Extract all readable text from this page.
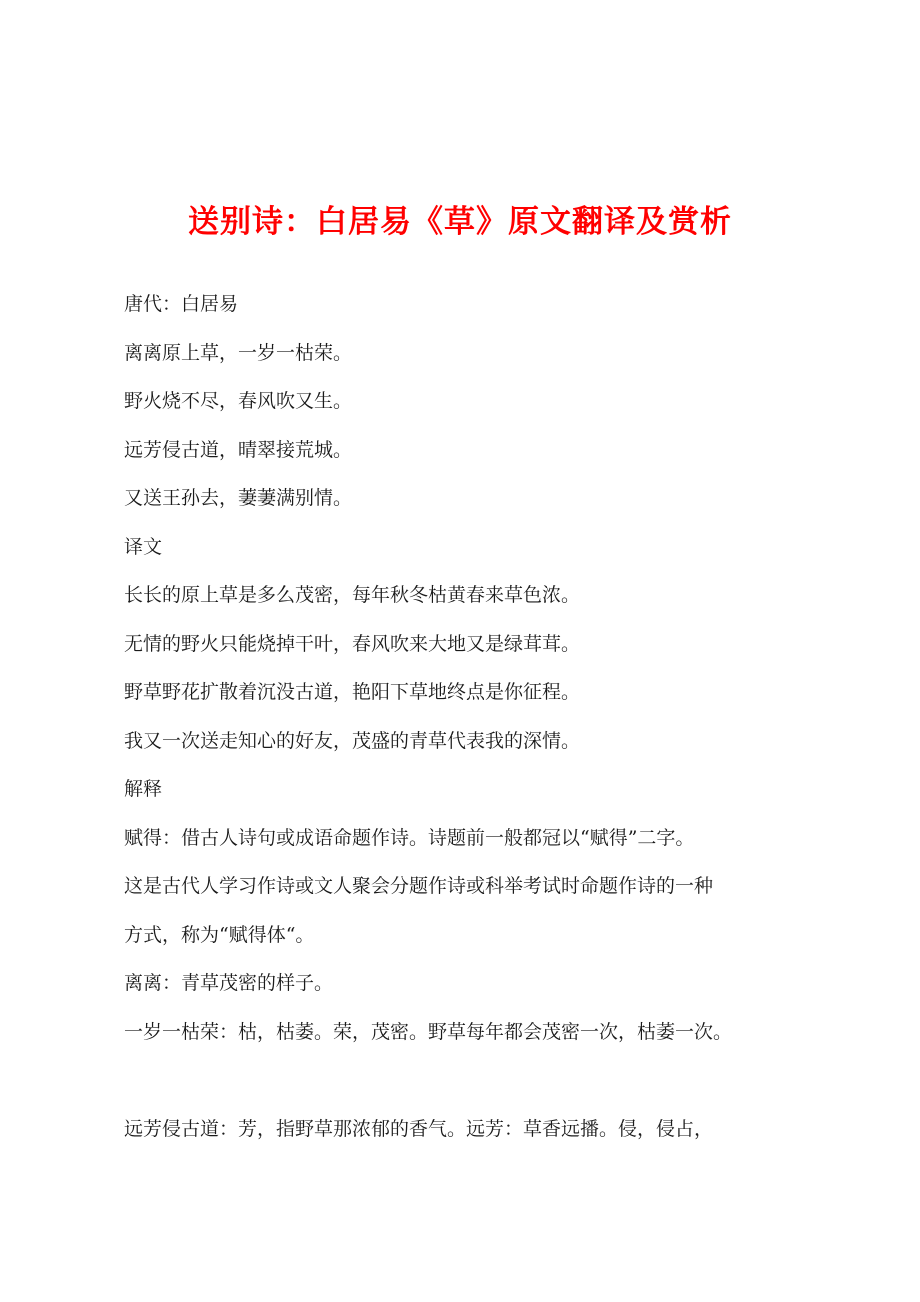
送别诗：白居易《草》原文翻译及赏析

唐代：白居易

离离原上草，一岁一枯荣。

野火烧不尽，春风吹又生。

远芳侵古道，晴翠接荒城。

又送王孙去，萋萋满别情。

译文

长长的原上草是多么茂密，每年秋冬枯黄春来草色浓。

无情的野火只能烧掉干叶，春风吹来大地又是绿茸茸。

野草野花扩散着沉没古道，艳阳下草地终点是你征程。

我又一次送走知心的好友，茂盛的青草代表我的深情。

解释

赋得：借古人诗句或成语命题作诗。诗题前一般都冠以“赋得”二字。

这是古代人学习作诗或文人聚会分题作诗或科举考试时命题作诗的一种

方式，称为“赋得体“。

离离：青草茂密的样子。

一岁一枯荣：枯，枯萎。荣，茂密。野草每年都会茂密一次，枯萎一次。

远芳侵古道：芳，指野草那浓郁的香气。远芳：草香远播。侵，侵占，
